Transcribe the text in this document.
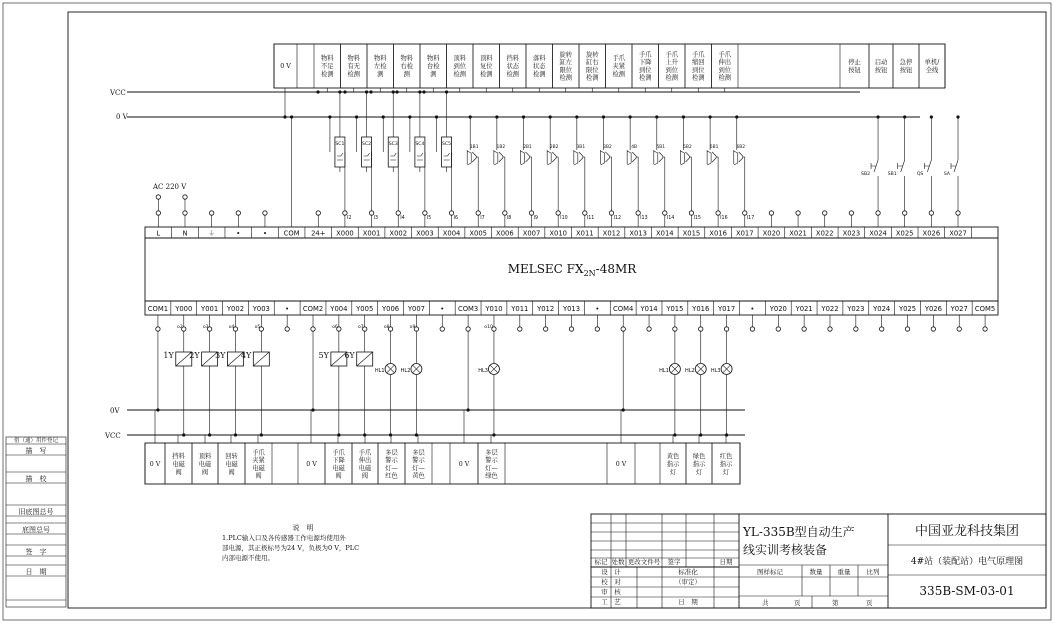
借（通）用件登记
描　写
描　校
旧底图总号
底图总号
签　字
日　期
VCC
0 V
0V
VCC
AC 220 V
0 V
物料不足检测
物料有无检测
物料左检测
物料右检测
物料台检测
顶料到位检测
顶料复位检测
挡料状态检测
落料状态检测
旋转缸左限位检测
旋转缸右限位检测
手爪夹紧检测
手爪下降到位检测
手爪上升到位检测
手爪缩回到位检测
手爪伸出到位检测
停止按钮
启动按钮
急停按钮
单机/全线
SC1
I2
SC2
I3
SC3
I4
SC4
I5
SC5
I6
1B1
I7
1B2
I8
2B1
I9
2B2
I10
3B1
I11
3B2
I12
4B
I13
5B1
I14
5B2
I15
6B1
I16
6B2
I17
SB2	SB1	QS	SA
MELSEC $FX_{2N}-48MR$
L	N	⏚	•	• COM 24+ X000 X001 X002 X003 X004 X005 X006 X007 X010 X011 X012 X013 X014 X015 X016 X017 X020 X021 X022 X023 X024 X025 X026 X027
COM1 Y000 Y001 Y002 Y003 • COM2 Y004 Y005 Y006 Y007 • COM3 Y010 Y011 Y012 Y013 • COM4 Y014 Y015 Y016 Y017 • Y020 Y021 Y022 Y023 Y024 Y025 Y026 Y027 COM5
1Y
o2
2Y
o3
3Y
o4
4Y
o5
5Y
o6
6Y
o7
HL1
o8
HL2
o9
HL3
o10
HL1	HL2	HL3
0 V
挡料电磁阀
顶料电磁阀
回转电磁阀
手爪夹紧电磁阀
0 V
手爪下降电磁阀
手爪伸出电磁阀
多层警示灯—红色
多层警示灯—黄色
0 V
多层警示灯—绿色
0 V
黄色指示灯
绿色指示灯
红色指示灯
说　明
1.PLC输入口及各传感器工作电源均使用外
部电源，其正极标号为24 V，负极为0 V，PLC
内部电源不使用。	标记 处数 更改文件号 签字	日期
设　计
校　对
审　核
工　艺
标准化
（审定）
日　期
YL-335B型自动生产
线实训考核装备
图样标记	数量 重量 比列
共	页	第	页
中国亚龙科技集团
4#站（装配站）电气原理图
335B-SM-03-01
